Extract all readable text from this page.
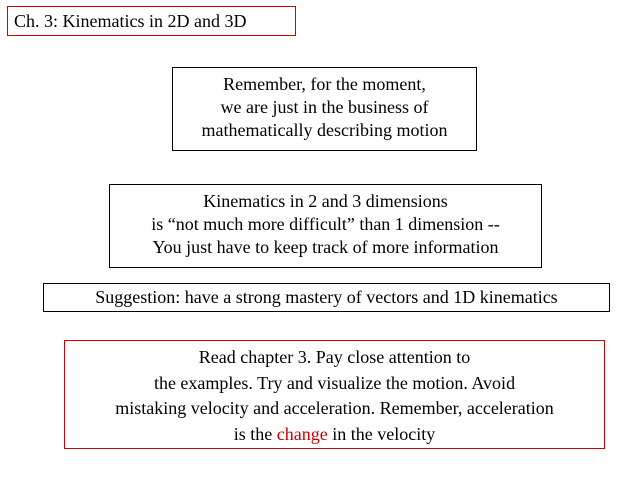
Ch. 3: Kinematics in 2D and 3D
Remember, for the moment,
we are just in the business of
mathematically describing motion
Kinematics in 2 and 3 dimensions
is “not much more difficult” than 1 dimension --
You just have to keep track of more information
Suggestion: have a strong mastery of vectors and 1D kinematics
Read chapter 3. Pay close attention to
the examples. Try and visualize the motion. Avoid
mistaking velocity and acceleration. Remember, acceleration
is the change in the velocity
